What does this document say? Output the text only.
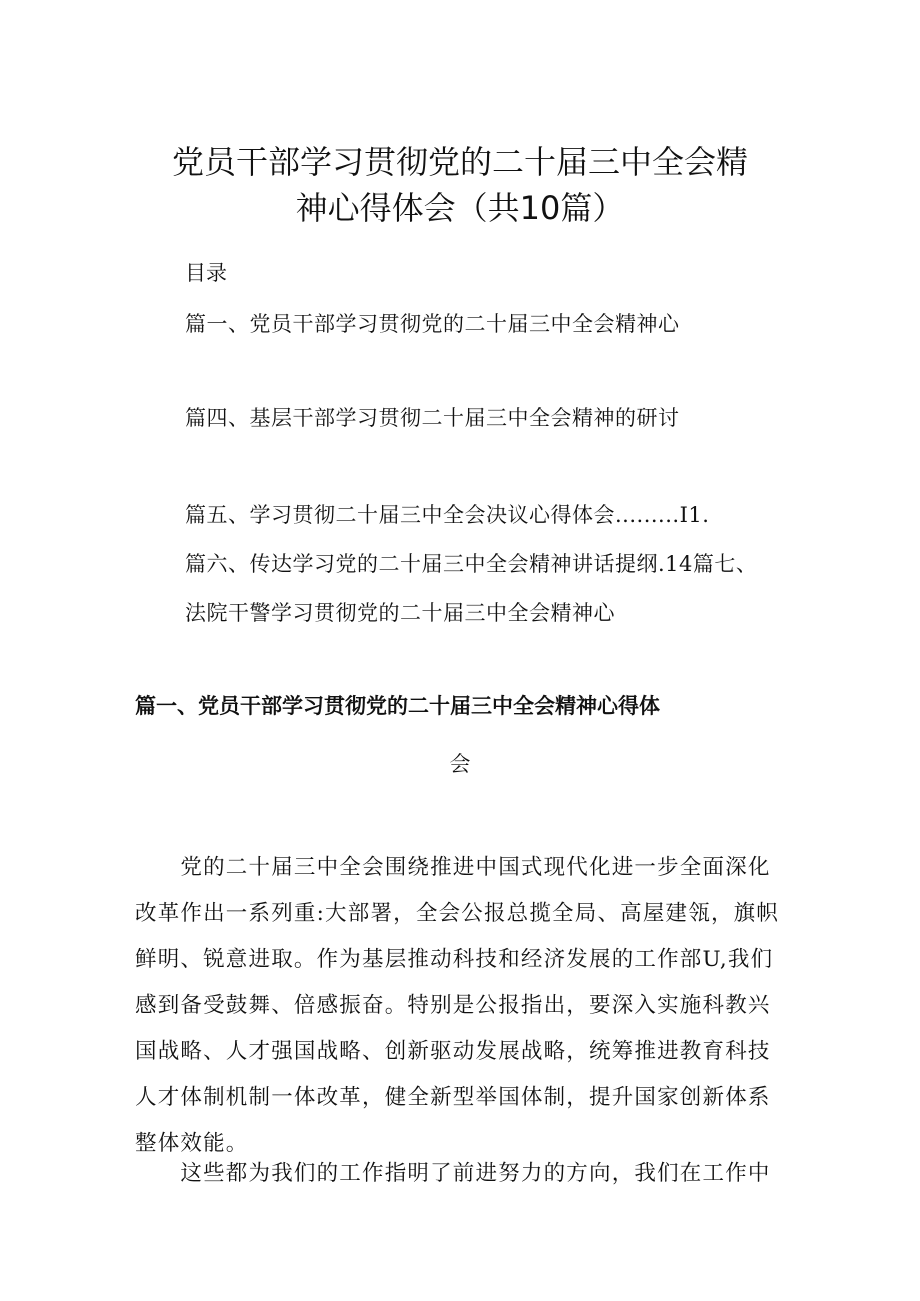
党员干部学习贯彻党的二十届三中全会精
神心得体会（共10篇）
目录
篇一、党员干部学习贯彻党的二十届三中全会精神心
篇四、基层干部学习贯彻二十届三中全会精神的研讨
篇五、学习贯彻二十届三中全会决议心得体会.........I1.
篇六、传达学习党的二十届三中全会精神讲话提纲.14篇七、
法院干警学习贯彻党的二十届三中全会精神心
篇一、党员干部学习贯彻党的二十届三中全会精神心得体
会
　　党的二十届三中全会围绕推进中国式现代化进一步全面深化
改革作出一系列重:大部署，全会公报总揽全局、高屋建瓴，旗帜
鲜明、锐意进取。作为基层推动科技和经济发展的工作部U,我们
感到备受鼓舞、倍感振奋。特别是公报指出，要深入实施科教兴
国战略、人才强国战略、创新驱动发展战略，统筹推进教育科技
人才体制机制一体改革，健全新型举国体制，提升国家创新体系
整体效能。
　　这些都为我们的工作指明了前进努力的方向，我们在工作中
